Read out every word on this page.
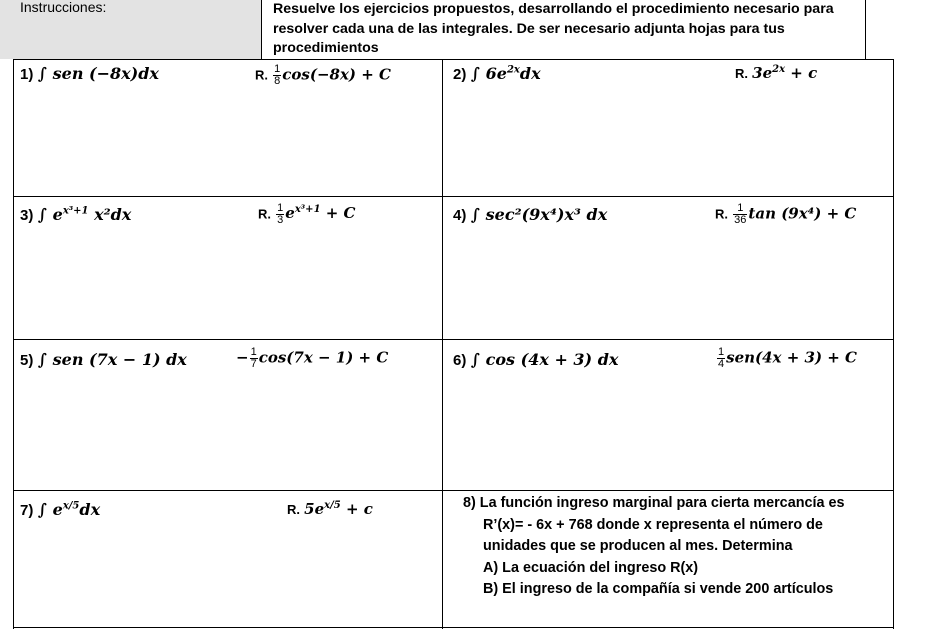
Instrucciones:	Resuelve los ejercicios propuestos, desarrollando el procedimiento necesario para resolver cada una de las integrales. De ser necesario adjunta hojas para tus procedimientos
1) ∫ sen (−8x)dx	R. $\frac{1}{8} \cos(-8x) + C$	2) ∫ $6e^{2x}dx$	R. $3e^{2x} + c$
3) ∫ $e^{x^3+1}$ x²dx	R. $\frac{1}{3} e^{x^3+1} + C$	4) ∫ sec²(9x⁴)x³ dx	R. $\frac{1}{36}$ tan (9x⁴) + C
5) ∫ sen (7x − 1) dx	− $\frac{1}{7} \cos(7x - 1) + C$	6) ∫ cos (4x + 3) dx	$\frac{1}{4} sen(4x + 3) + C$
7) ∫ $e^{x/5}dx$	R. $5e^{x/5} + c$	8) La función ingreso marginal para cierta mercancía es
R’(x)= - 6x + 768 donde x representa el número de
unidades que se producen al mes. Determina
A) La ecuación del ingreso R(x)
B) El ingreso de la compañía si vende 200 artículos
